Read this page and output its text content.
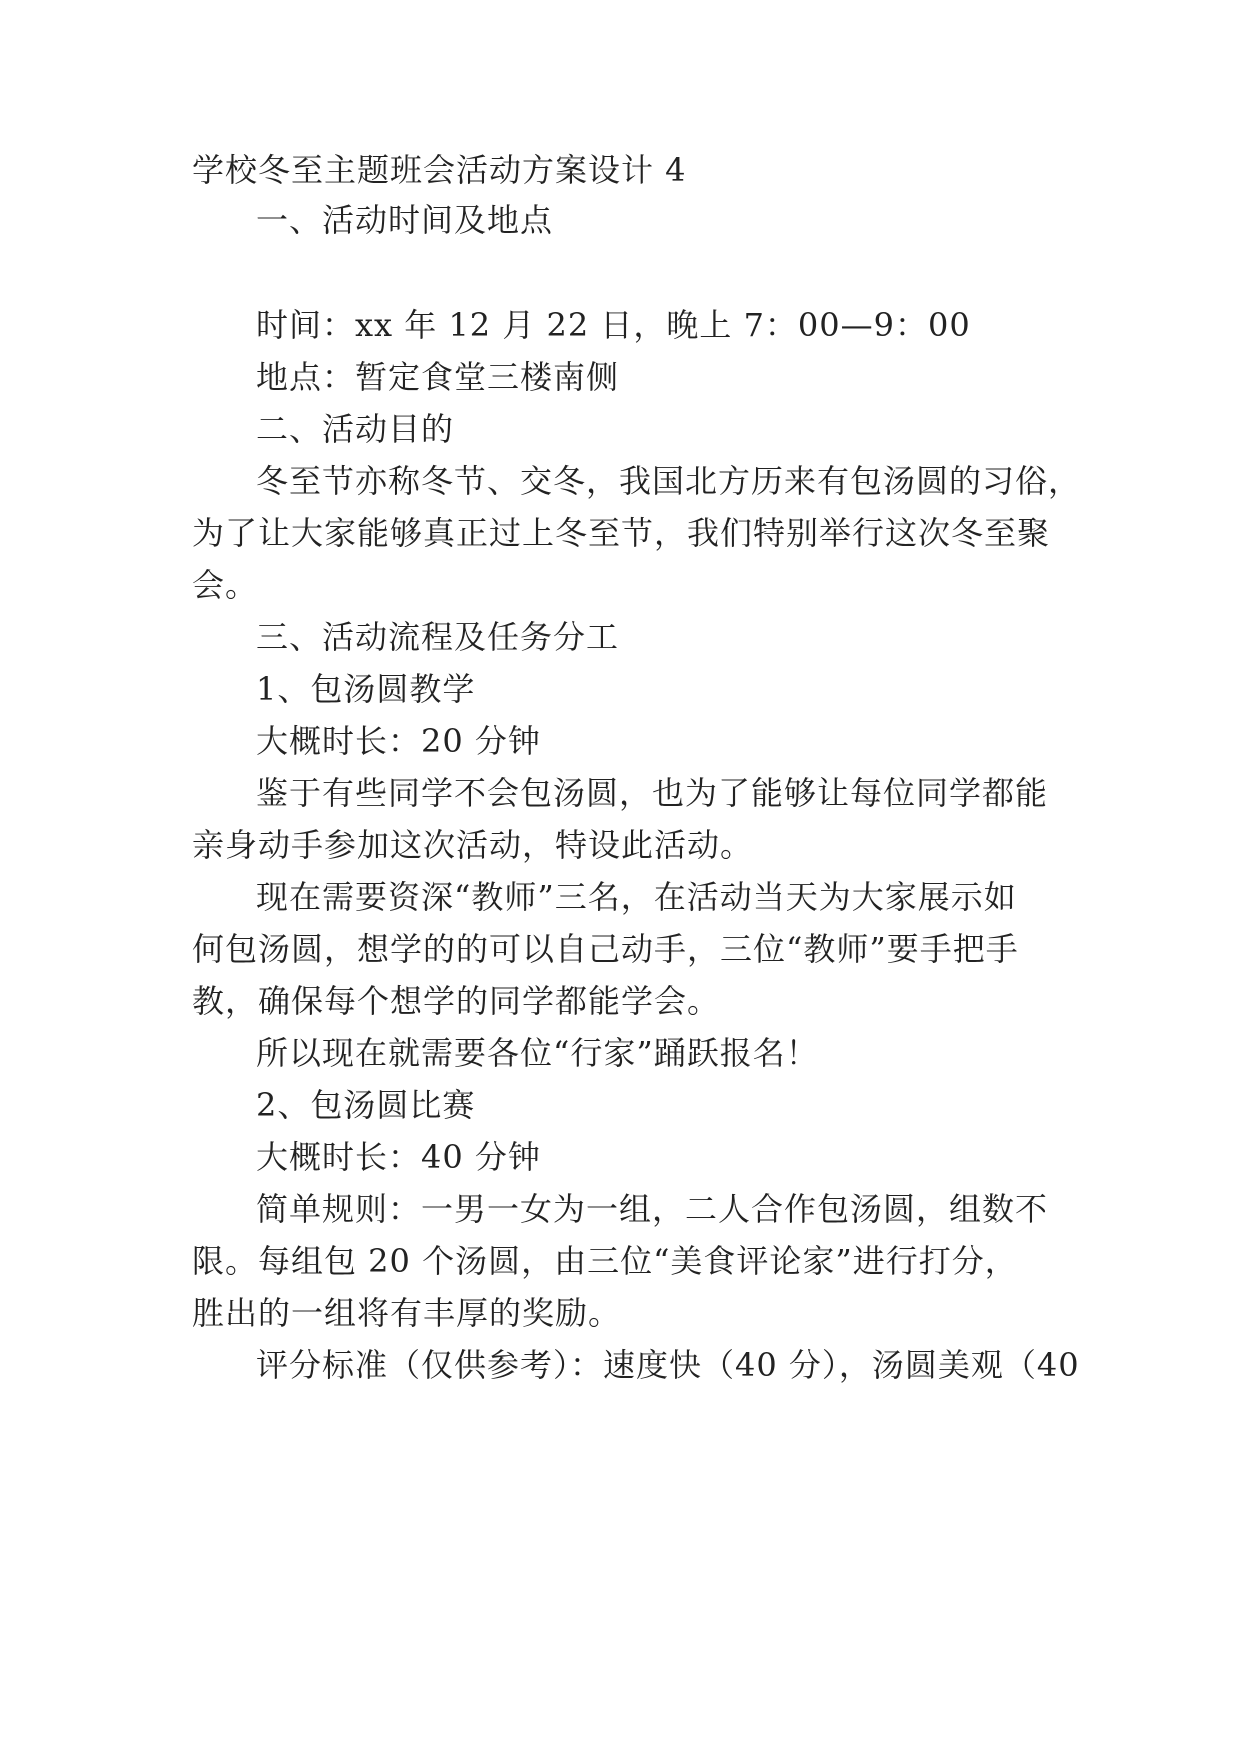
学校冬至主题班会活动方案设计 4
一、活动时间及地点
时间：xx 年 12 月 22 日，晚上 7：00—9：00
地点：暂定食堂三楼南侧
二、活动目的
冬至节亦称冬节、交冬，我国北方历来有包汤圆的习俗，
为了让大家能够真正过上冬至节，我们特别举行这次冬至聚
会。
三、活动流程及任务分工
1、包汤圆教学
大概时长：20 分钟
鉴于有些同学不会包汤圆，也为了能够让每位同学都能
亲身动手参加这次活动，特设此活动。
现在需要资深“教师”三名，在活动当天为大家展示如
何包汤圆，想学的的可以自己动手，三位“教师”要手把手
教，确保每个想学的同学都能学会。
所以现在就需要各位“行家”踊跃报名！
2、包汤圆比赛
大概时长：40 分钟
简单规则：一男一女为一组，二人合作包汤圆，组数不
限。每组包 20 个汤圆，由三位“美食评论家”进行打分，
胜出的一组将有丰厚的奖励。
评分标准（仅供参考）：速度快（40 分），汤圆美观（40
